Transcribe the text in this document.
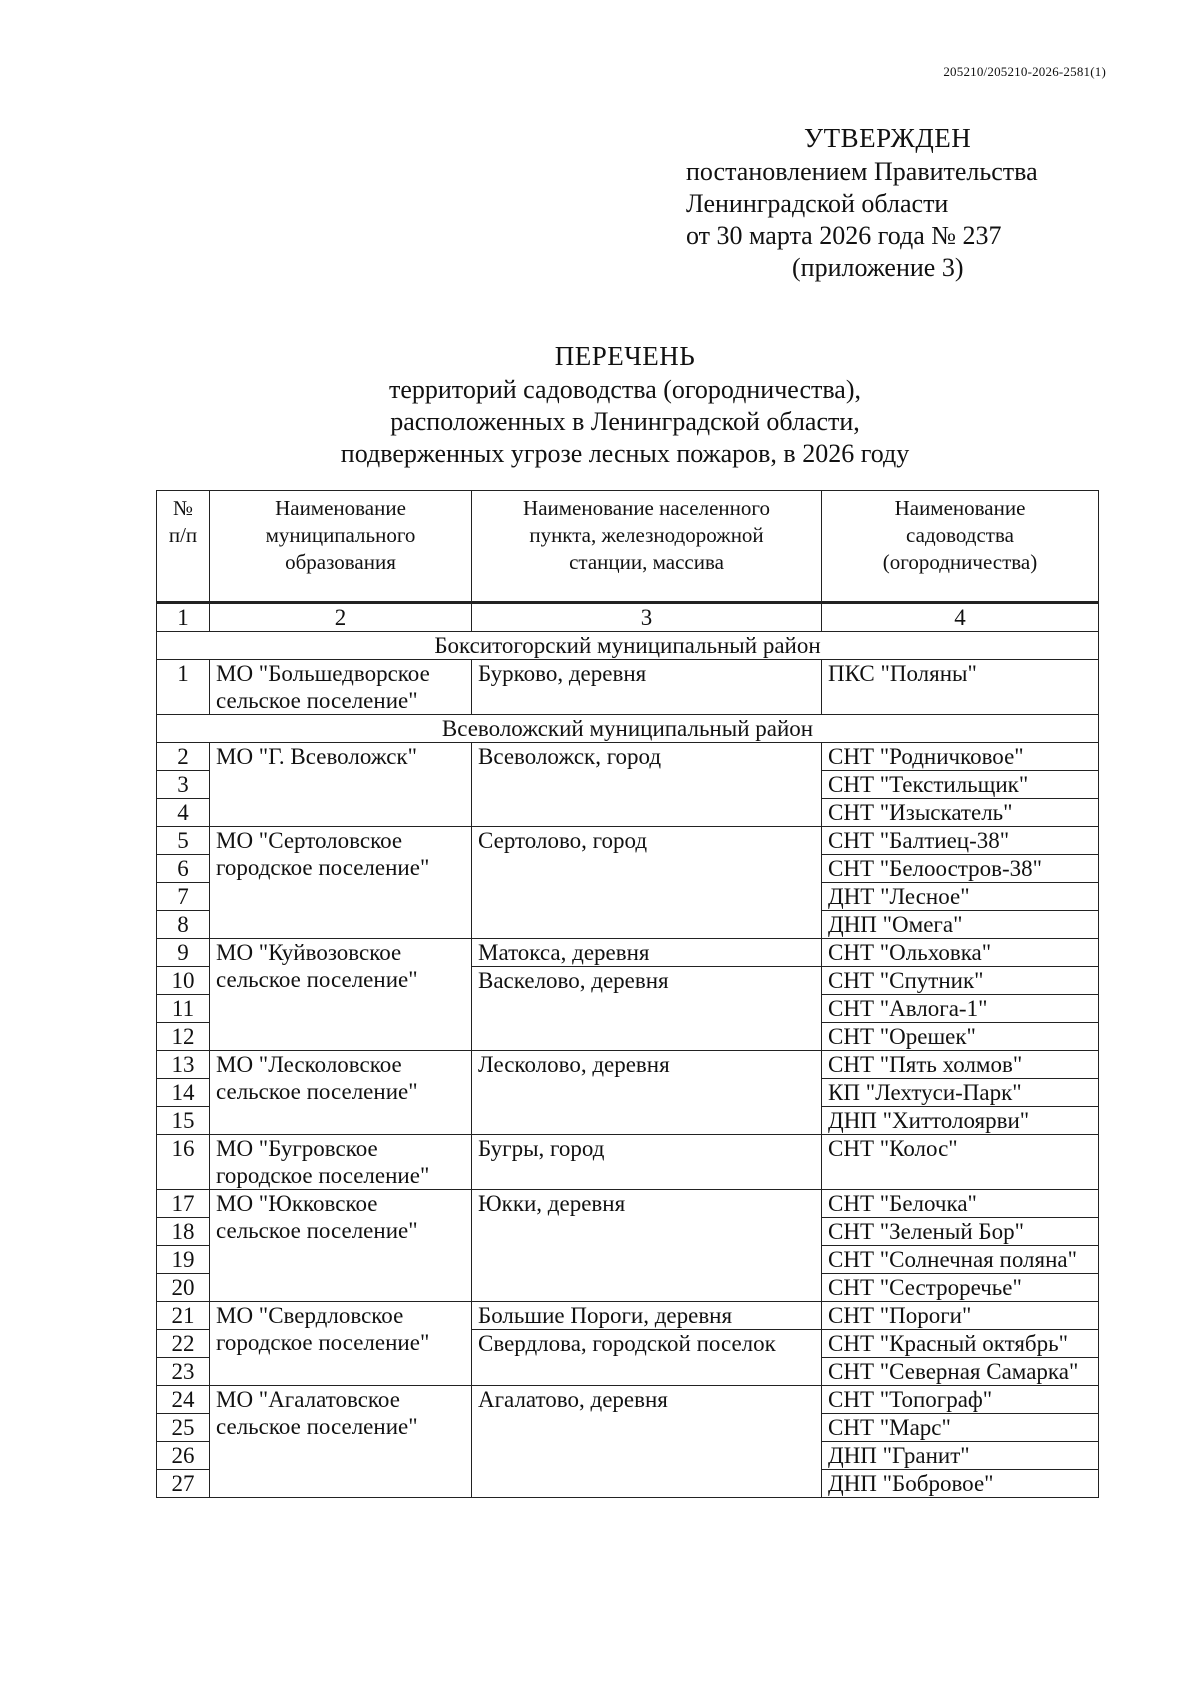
205210/205210-2026-2581(1)
УТВЕРЖДЕН
постановлением Правительства
Ленинградской области
от 30 марта 2026 года № 237
(приложение 3)
ПЕРЕЧЕНЬ
территорий садоводства (огородничества),
расположенных в Ленинградской области,
подверженных угрозе лесных пожаров, в 2026 году
№ п/п	Наименование муниципального образования	Наименование населенного пункта, железнодорожной станции, массива	Наименование садоводства (огородничества)
1	2	3	4
Бокситогорский муниципальный район			
1	МО "Большедворское сельское поселение"	Бурково, деревня	ПКС "Поляны"
Всеволожский муниципальный район			
2	МО "Г. Всеволожск"	Всеволожск, город	СНТ "Родничковое"
3			СНТ "Текстильщик"
4			СНТ "Изыскатель"
5	МО "Сертоловское городское поселение"	Сертолово, город	СНТ "Балтиец-38"
6			СНТ "Белоостров-38"
7			ДНТ "Лесное"
8			ДНП "Омега"
9	МО "Куйвозовское сельское поселение"	Матокса, деревня	СНТ "Ольховка"
10		Васкелово, деревня	СНТ "Спутник"
11			СНТ "Авлога-1"
12			СНТ "Орешек"
13	МО "Лесколовское сельское поселение"	Лесколово, деревня	СНТ "Пять холмов"
14			КП "Лехтуси-Парк"
15			ДНП "Хиттолоярви"
16	МО "Бугровское городское поселение"	Бугры, город	СНТ "Колос"
17	МО "Юкковское сельское поселение"	Юкки, деревня	СНТ "Белочка"
18			СНТ "Зеленый Бор"
19			СНТ "Солнечная поляна"
20			СНТ "Сестроречье"
21	МО "Свердловское городское поселение"	Большие Пороги, деревня	СНТ "Пороги"
22		Свердлова, городской поселок	СНТ "Красный октябрь"
23			СНТ "Северная Самарка"
24	МО "Агалатовское сельское поселение"	Агалатово, деревня	СНТ "Топограф"
25			СНТ "Марс"
26			ДНП "Гранит"
27			ДНП "Бобровое"
